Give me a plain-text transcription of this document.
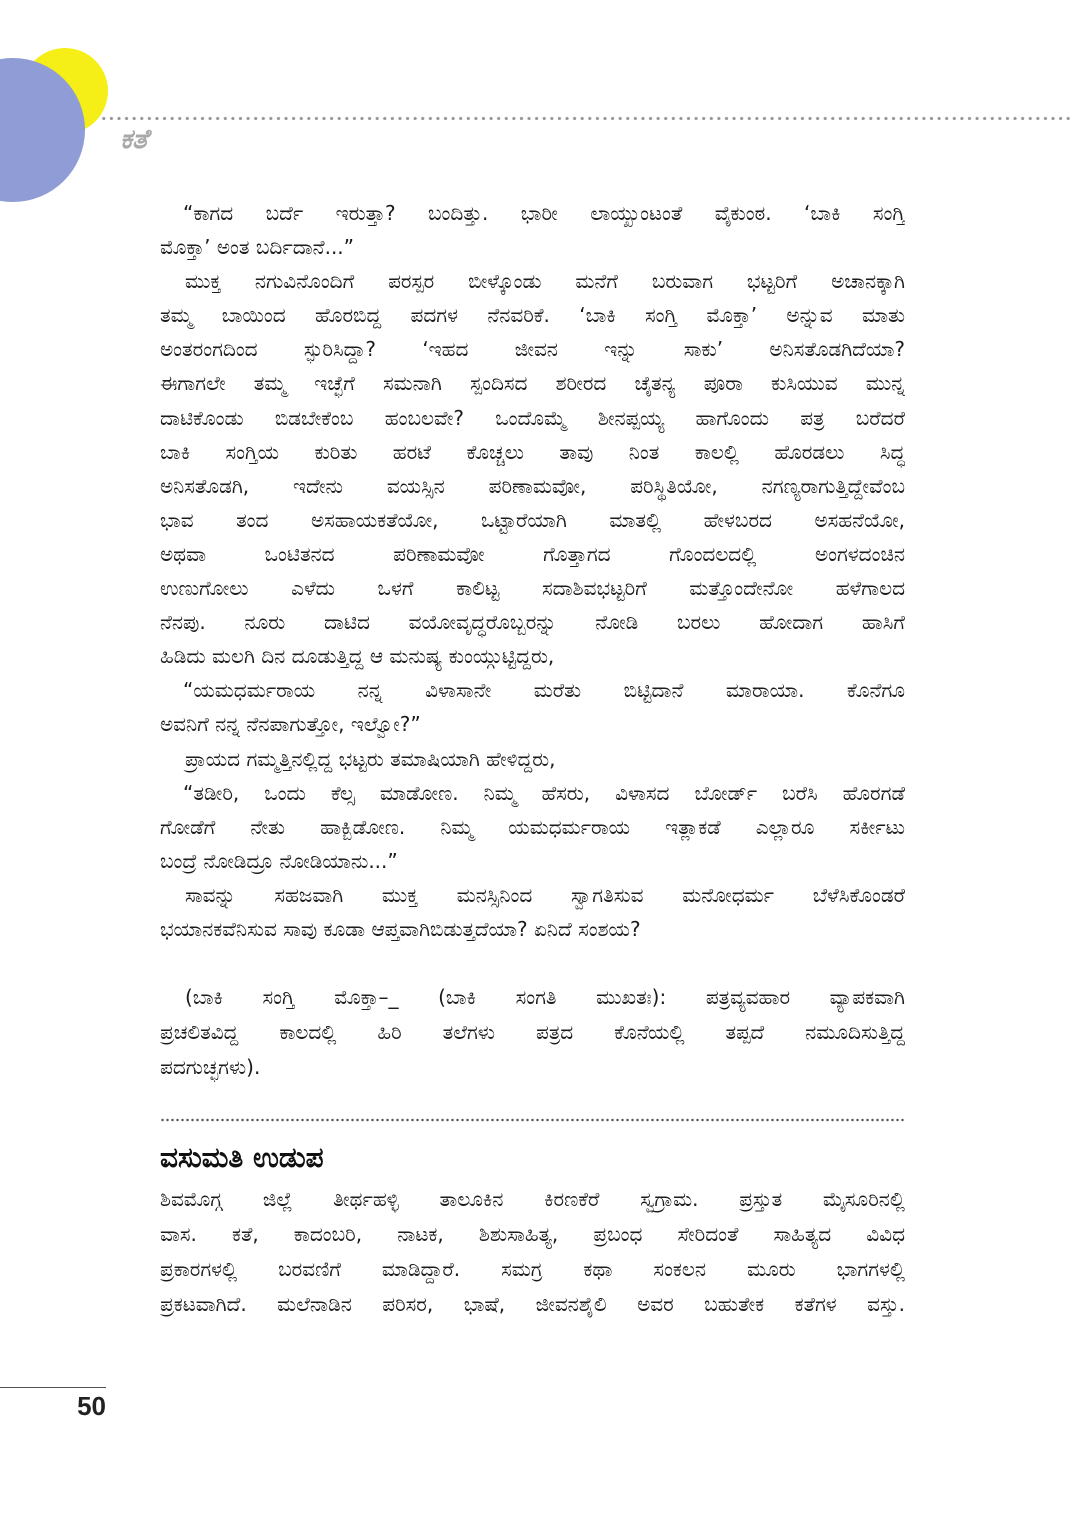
ಕತೆ
“ಕಾಗದ ಬರ್ದೆ ಇರುತ್ತಾ? ಬಂದಿತ್ತು. ಭಾರೀ ಲಾಯ್ಖುಂಟಂತೆ ವೈಕುಂಠ. ‘ಬಾಕಿ ಸಂಗ್ತಿ
ಮೊಕ್ತಾ’ ಅಂತ ಬರ್ದಿದಾನೆ...”
ಮುಕ್ತ ನಗುವಿನೊಂದಿಗೆ ಪರಸ್ಪರ ಬೀಳ್ಕೊಂಡು ಮನೆಗೆ ಬರುವಾಗ ಭಟ್ಟರಿಗೆ ಅಚಾನಕ್ಕಾಗಿ
ತಮ್ಮ ಬಾಯಿಂದ ಹೊರಬಿದ್ದ ಪದಗಳ ನೆನವರಿಕೆ. ‘ಬಾಕಿ ಸಂಗ್ತಿ ಮೊಕ್ತಾ’ ಅನ್ನುವ ಮಾತು
ಅಂತರಂಗದಿಂದ ಸ್ಫುರಿಸಿದ್ದಾ? ‘ಇಹದ ಜೀವನ ಇನ್ನು ಸಾಕು’ ಅನಿಸತೊಡಗಿದೆಯಾ?
ಈಗಾಗಲೇ ತಮ್ಮ ಇಚ್ಛೆಗೆ ಸಮನಾಗಿ ಸ್ಪಂದಿಸದ ಶರೀರದ ಚೈತನ್ಯ ಪೂರಾ ಕುಸಿಯುವ ಮುನ್ನ
ದಾಟಿಕೊಂಡು ಬಿಡಬೇಕೆಂಬ ಹಂಬಲವೇ? ಒಂದೊಮ್ಮೆ ಶೀನಪ್ಪಯ್ಯ ಹಾಗೊಂದು ಪತ್ರ ಬರೆದರೆ
ಬಾಕಿ ಸಂಗ್ತಿಯ ಕುರಿತು ಹರಟೆ ಕೊಚ್ಚಲು ತಾವು ನಿಂತ ಕಾಲಲ್ಲಿ ಹೊರಡಲು ಸಿದ್ಧ
ಅನಿಸತೊಡಗಿ, ಇದೇನು ವಯಸ್ಸಿನ ಪರಿಣಾಮವೋ, ಪರಿಸ್ಥಿತಿಯೋ, ನಗಣ್ಯರಾಗುತ್ತಿದ್ದೇವೆಂಬ
ಭಾವ ತಂದ ಅಸಹಾಯಕತೆಯೋ, ಒಟ್ಟಾರೆಯಾಗಿ ಮಾತಲ್ಲಿ ಹೇಳಬರದ ಅಸಹನೆಯೋ,
ಅಥವಾ ಒಂಟಿತನದ ಪರಿಣಾಮವೋ ಗೊತ್ತಾಗದ ಗೊಂದಲದಲ್ಲಿ ಅಂಗಳದಂಚಿನ
ಉಣುಗೋಲು ಎಳೆದು ಒಳಗೆ ಕಾಲಿಟ್ಟ ಸದಾಶಿವಭಟ್ಟರಿಗೆ ಮತ್ತೊಂದೇನೋ ಹಳೆಗಾಲದ
ನೆನಪು. ನೂರು ದಾಟಿದ ವಯೋವೃದ್ಧರೊಬ್ಬರನ್ನು ನೋಡಿ ಬರಲು ಹೋದಾಗ ಹಾಸಿಗೆ
ಹಿಡಿದು ಮಲಗಿ ದಿನ ದೂಡುತ್ತಿದ್ದ ಆ ಮನುಷ್ಯ ಕುಂಯ್ಗುಟ್ಟಿದ್ದರು,
“ಯಮಧರ್ಮರಾಯ ನನ್ನ ವಿಳಾಸಾನೇ ಮರೆತು ಬಿಟ್ಟಿದಾನೆ ಮಾರಾಯಾ. ಕೊನೆಗೂ
ಅವನಿಗೆ ನನ್ನ ನೆನಪಾಗುತ್ತೋ, ಇಲ್ವೋ?”
ಪ್ರಾಯದ ಗಮ್ಮತ್ತಿನಲ್ಲಿದ್ದ ಭಟ್ಟರು ತಮಾಷಿಯಾಗಿ ಹೇಳಿದ್ದರು,
“ತಡೀರಿ, ಒಂದು ಕೆಲ್ಸ ಮಾಡೋಣ. ನಿಮ್ಮ ಹೆಸರು, ವಿಳಾಸದ ಬೋರ್ಡ್ ಬರೆಸಿ ಹೊರಗಡೆ
ಗೋಡೆಗೆ ನೇತು ಹಾಕ್ಬಿಡೋಣ. ನಿಮ್ಮ ಯಮಧರ್ಮರಾಯ ಇತ್ಲಾಕಡೆ ಎಲ್ಲಾರೂ ಸರ್ಕೀಟು
ಬಂದ್ರೆ ನೋಡಿದ್ರೂ ನೋಡಿಯಾನು...”
ಸಾವನ್ನು ಸಹಜವಾಗಿ ಮುಕ್ತ ಮನಸ್ಸಿನಿಂದ ಸ್ವಾಗತಿಸುವ ಮನೋಧರ್ಮ ಬೆಳೆಸಿಕೊಂಡರೆ
ಭಯಾನಕವೆನಿಸುವ ಸಾವು ಕೂಡಾ ಆಪ್ತವಾಗಿಬಿಡುತ್ತದೆಯಾ? ಏನಿದೆ ಸಂಶಯ?
(ಬಾಕಿ ಸಂಗ್ತಿ ಮೊಕ್ತಾ–_ (ಬಾಕಿ ಸಂಗತಿ ಮುಖತಃ): ಪತ್ರವ್ಯವಹಾರ ವ್ಯಾಪಕವಾಗಿ
ಪ್ರಚಲಿತವಿದ್ದ ಕಾಲದಲ್ಲಿ ಹಿರಿ ತಲೆಗಳು ಪತ್ರದ ಕೊನೆಯಲ್ಲಿ ತಪ್ಪದೆ ನಮೂದಿಸುತ್ತಿದ್ದ
ಪದಗುಚ್ಛಗಳು).
ವಸುಮತಿ ಉಡುಪ
ಶಿವಮೊಗ್ಗ ಜಿಲ್ಲೆ ತೀರ್ಥಹಳ್ಳಿ ತಾಲೂಕಿನ ಕಿರಣಕೆರೆ ಸ್ವಗ್ರಾಮ. ಪ್ರಸ್ತುತ ಮೈಸೂರಿನಲ್ಲಿ
ವಾಸ. ಕತೆ, ಕಾದಂಬರಿ, ನಾಟಕ, ಶಿಶುಸಾಹಿತ್ಯ, ಪ್ರಬಂಧ ಸೇರಿದಂತೆ ಸಾಹಿತ್ಯದ ವಿವಿಧ
ಪ್ರಕಾರಗಳಲ್ಲಿ ಬರವಣಿಗೆ ಮಾಡಿದ್ದಾರೆ. ಸಮಗ್ರ ಕಥಾ ಸಂಕಲನ ಮೂರು ಭಾಗಗಳಲ್ಲಿ
ಪ್ರಕಟವಾಗಿದೆ. ಮಲೆನಾಡಿನ ಪರಿಸರ, ಭಾಷೆ, ಜೀವನಶೈಲಿ ಅವರ ಬಹುತೇಕ ಕತೆಗಳ ವಸ್ತು.
50
